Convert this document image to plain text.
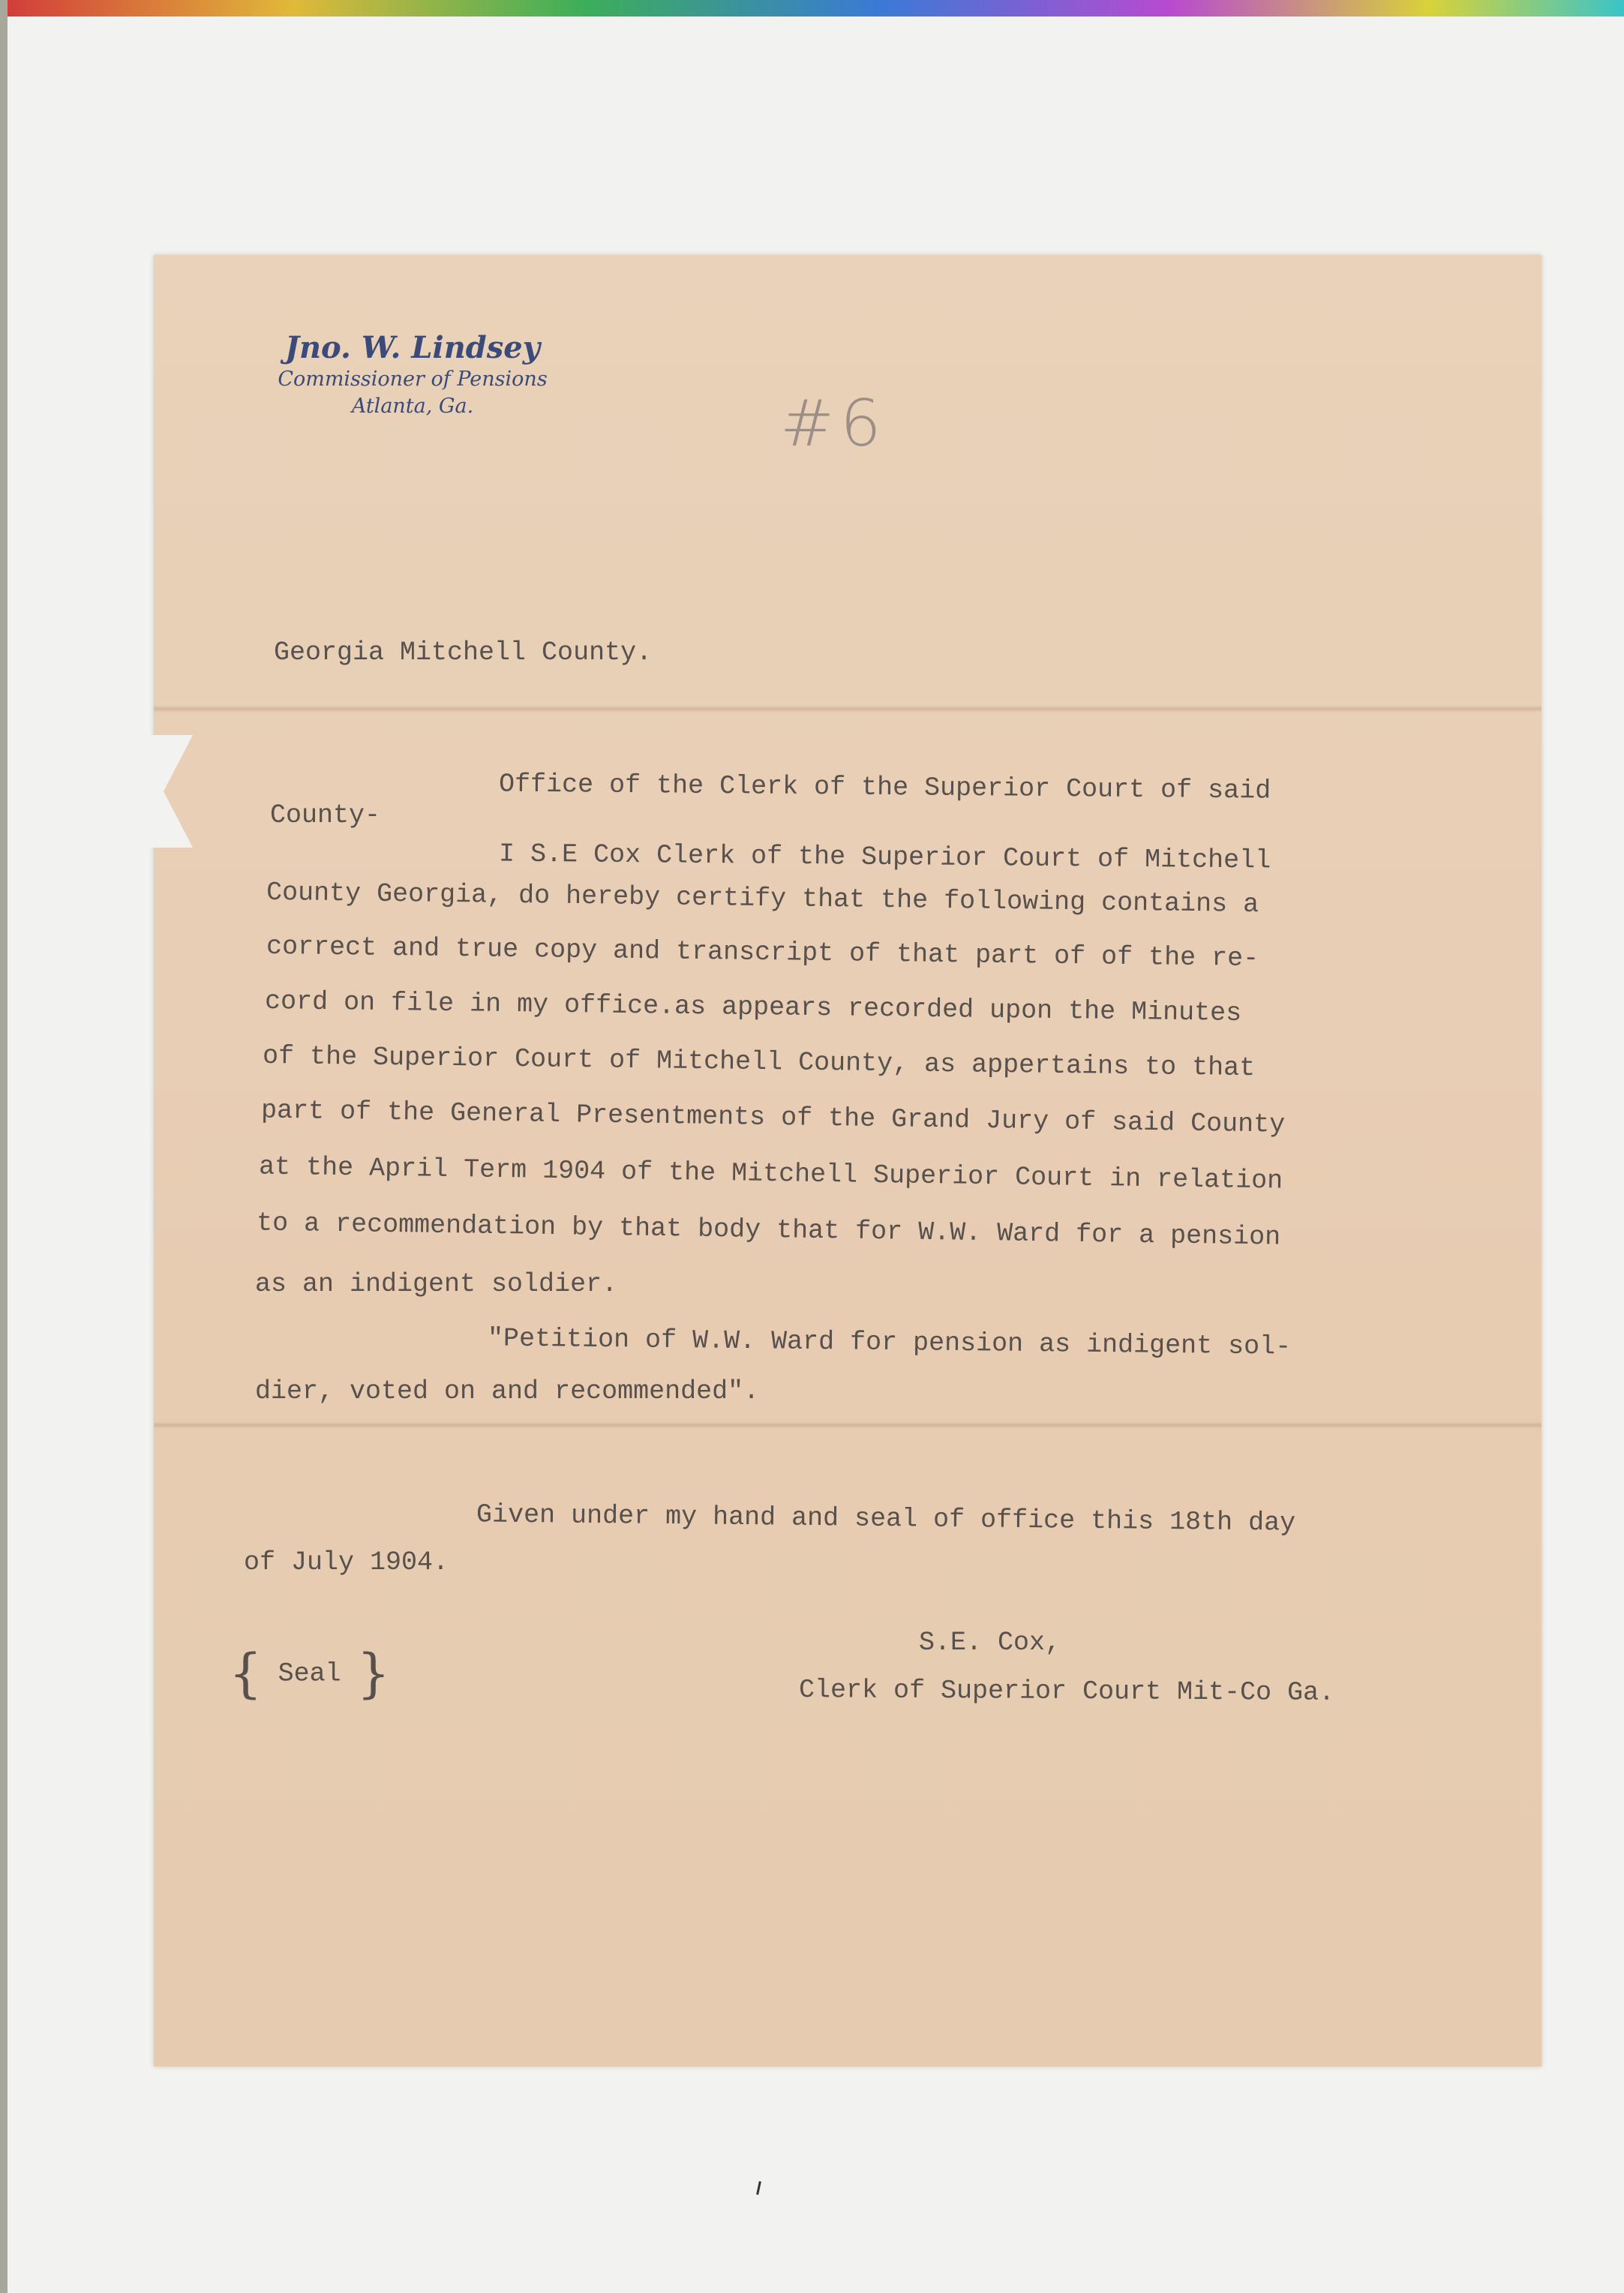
Jno. W. Lindsey
Commissioner of Pensions
Atlanta, Ga.	#6
Georgia Mitchell County.
Office of the Clerk of the Superior Court of said
County-
I S.E Cox Clerk of the Superior Court of Mitchell
County Georgia, do hereby certify that the following contains a
correct and true copy and transcript of that part of of the re-
cord on file in my office.as appears recorded upon the Minutes
of the Superior Court of Mitchell County, as appertains to that
part of the General Presentments of the Grand Jury of said County
at the April Term 1904 of the Mitchell Superior Court in relation
to a recommendation by that body that for W.W. Ward for a pension
as an indigent soldier.
"Petition of W.W. Ward for pension as indigent sol-
dier, voted on and recommended".
Given under my hand and seal of office this 18th day
of July 1904.
S.E. Cox,
Clerk of Superior Court Mit-Co Ga.
{ Seal }
